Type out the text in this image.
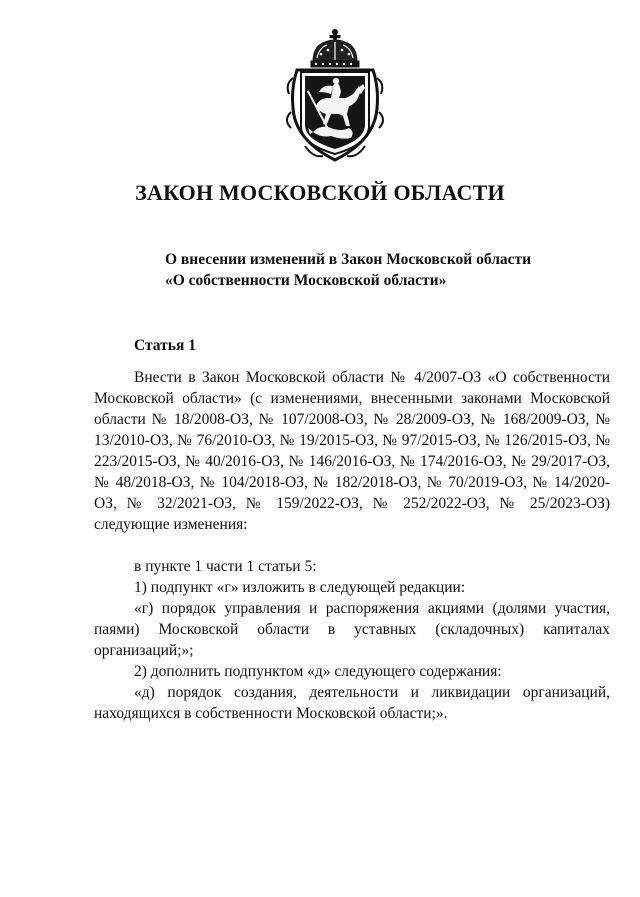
ЗАКОН МОСКОВСКОЙ ОБЛАСТИ
О внесении изменений в Закон Московской области
«О собственности Московской области»
Статья 1

Внести в Закон Московской области № 4/2007-ОЗ «О собственности Московской области» (с изменениями, внесенными законами Московской области № 18/2008-ОЗ, № 107/2008-ОЗ, № 28/2009-ОЗ, № 168/2009-ОЗ, № 13/2010-ОЗ, № 76/2010-ОЗ, № 19/2015-ОЗ, № 97/2015-ОЗ, № 126/2015-ОЗ, № 223/2015-ОЗ, № 40/2016-ОЗ, № 146/2016-ОЗ, № 174/2016-ОЗ, № 29/2017-ОЗ, № 48/2018-ОЗ, № 104/2018-ОЗ, № 182/2018-ОЗ, № 70/2019-ОЗ, № 14/2020-ОЗ, № 32/2021-ОЗ, № 159/2022-ОЗ, № 252/2022-ОЗ, № 25/2023-ОЗ) следующие изменения:

в пункте 1 части 1 статьи 5:

1) подпункт «г» изложить в следующей редакции:

«г) порядок управления и распоряжения акциями (долями участия, паями) Московской области в уставных (складочных) капиталах организаций;»;

2) дополнить подпунктом «д» следующего содержания:

«д) порядок создания, деятельности и ликвидации организаций, находящихся в собственности Московской области;».
